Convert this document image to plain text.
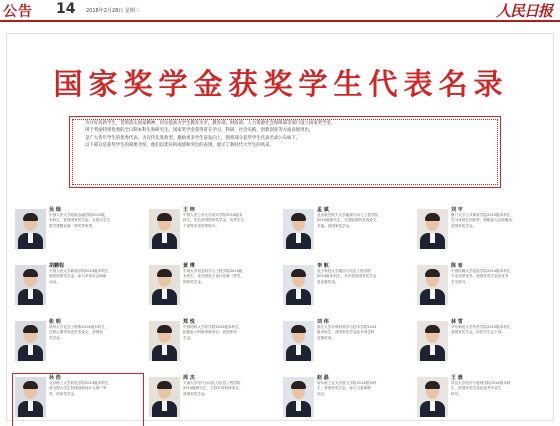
公告 14 2018年2月28日 星期三	人民日报
国家奖学金获奖学生代表名录

为开好高新学生，贯彻落实国家精神，切实提高大学生教育水平，教育部、财政部、人力资源社会保障部等部门设立国家奖学金，

用于奖励特别优秀的全日制本科生和研究生。国家奖学金获得者在学习、科研、社会实践、创新创业等方面表现突出，

是广大青年学生的优秀代表。为宣传先进典型，激励更多学生奋发向上，现将部分获奖学生代表名录公布如下。

以下部分是获奖学生的简要介绍，他们以优异的成绩和突出的表现，展示了新时代大学生的风采。

吴 瑞
中国人民大学财政金融学院2014级
本科生，曾获国家奖学金、全国大学生
数学建模竞赛一等奖等荣誉。
王 坤
中国人民公安大学治安学院2014级本
科生，先后获得国家奖学金、优秀学生
干部等多项荣誉称号。
孟 斌
北京航空航天大学能源与动力工程学院
2015级研究生，在国际期刊发表论文
多篇，获国家奖学金。
刘 宇
厦门大学公共事务学院2015级本科生，
学习成绩名列前茅，积极参与志愿服务，
获国家奖学金。
胡鹏程
中国人民大学新闻学院2014级本科生，
曾获国家奖学金，参与多项社会调研
活动。
黄 博
东南大学信息科学与工程学院2014级
本科生，获全国电子设计竞赛一等奖、
国家奖学金。
李 航
电子科技大学通信与信息工程学院
2014级本科生，多次获得国家奖学金
及竞赛奖项。
陈 希
中国传媒大学电视学院2014级本科生，
专业成绩优异，获国家奖学金及优秀
学生称号。
张 明
清华大学化学工程系2014级本科生，
在核心期刊发表学术论文，获国家
奖学金。
郑 悦
中国药科大学药学院2015级本科生，
积极参与科研训练项目，获国家奖
学金。
刘 伟
浙江大学计算机科学与技术学院2014
级本科生，获国家奖学金及多项学科
竞赛奖项。
林 雪
华东师范大学外语学院2015级本科生，
获国家奖学金，担任学生会干部。
孙 浩
北京理工大学机电学院2014级本科生，
获全国大学生机械创新设计大赛一等
奖、国家奖学金。
周 杰
天津大学电气自动化与信息工程学院
2015级研究生，主持多项科研项目，
获国家奖学金。
赵 磊
哈尔滨工业大学航天学院2014级本科
生，获国家奖学金，参与卫星研制
项目。
王 晨
武汉大学经济与管理学院2014级本科
生，获国家奖学金及优秀毕业生
称号。
